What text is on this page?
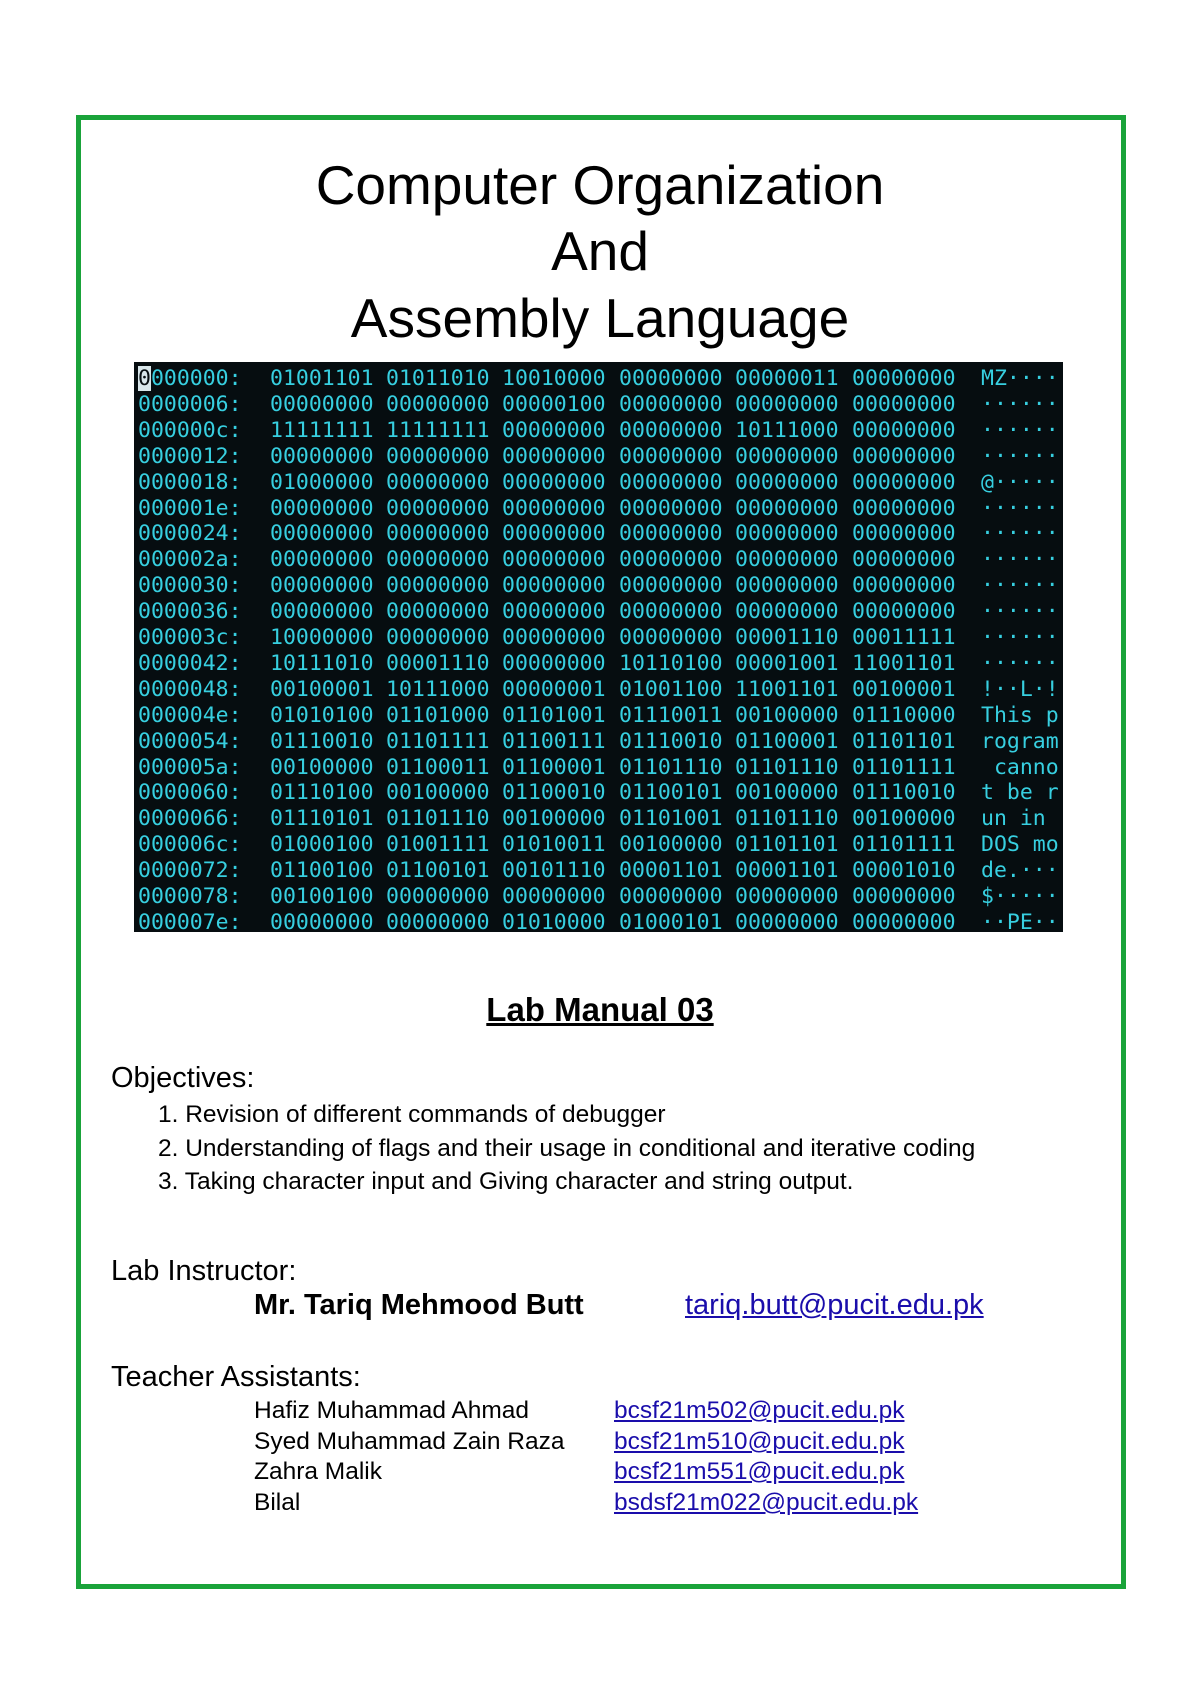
Computer Organization
And
Assembly Language
0000000: 01001101 01011010 10010000 00000000 00000011 00000000 MZ····
0000006: 00000000 00000000 00000100 00000000 00000000 00000000 ······
000000c: 11111111 11111111 00000000 00000000 10111000 00000000 ······
0000012: 00000000 00000000 00000000 00000000 00000000 00000000 ······
0000018: 01000000 00000000 00000000 00000000 00000000 00000000 @·····
000001e: 00000000 00000000 00000000 00000000 00000000 00000000 ······
0000024: 00000000 00000000 00000000 00000000 00000000 00000000 ······
000002a: 00000000 00000000 00000000 00000000 00000000 00000000 ······
0000030: 00000000 00000000 00000000 00000000 00000000 00000000 ······
0000036: 00000000 00000000 00000000 00000000 00000000 00000000 ······
000003c: 10000000 00000000 00000000 00000000 00001110 00011111 ······
0000042: 10111010 00001110 00000000 10110100 00001001 11001101 ······
0000048: 00100001 10111000 00000001 01001100 11001101 00100001 !··L·!
000004e: 01010100 01101000 01101001 01110011 00100000 01110000 This p
0000054: 01110010 01101111 01100111 01110010 01100001 01101101 rogram
000005a: 00100000 01100011 01100001 01101110 01101110 01101111 canno
0000060: 01110100 00100000 01100010 01100101 00100000 01110010 t be r
0000066: 01110101 01101110 00100000 01101001 01101110 00100000 un in
000006c: 01000100 01001111 01010011 00100000 01101101 01101111 DOS mo
0000072: 01100100 01100101 00101110 00001101 00001101 00001010 de.···
0000078: 00100100 00000000 00000000 00000000 00000000 00000000 $·····
000007e: 00000000 00000000 01010000 01000101 00000000 00000000 ··PE··
Lab Manual 03
Objectives:
1. Revision of different commands of debugger
2. Understanding of flags and their usage in conditional and iterative coding
3. Taking character input and Giving character and string output.
Lab Instructor:
Mr. Tariq Mehmood Butt	tariq.butt@pucit.edu.pk
Teacher Assistants:
Hafiz Muhammad Ahmad	bcsf21m502@pucit.edu.pk
Syed Muhammad Zain Raza bcsf21m510@pucit.edu.pk
Zahra Malik	bcsf21m551@pucit.edu.pk
Bilal	bsdsf21m022@pucit.edu.pk
